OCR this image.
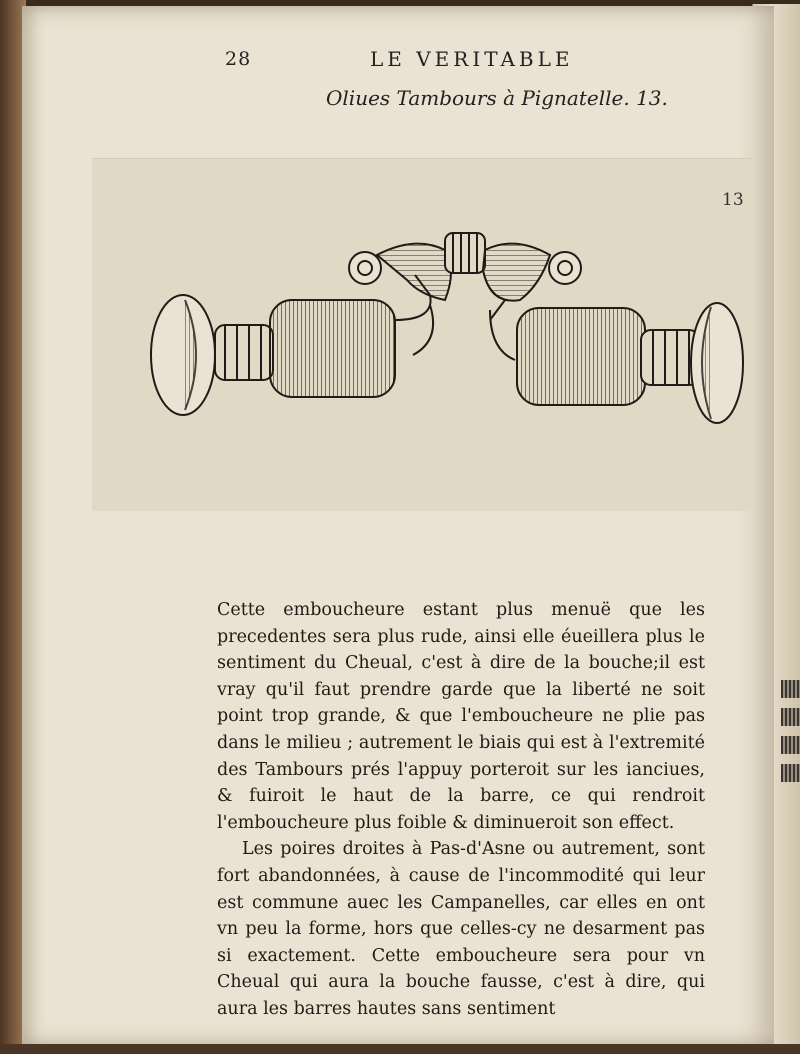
28	LE VERITABLE
Oliues Tambours à Pignatelle. 13.
13

Cette emboucheure estant plus menuë que les precedentes sera plus rude, ainsi elle éueillera plus le sentiment du Cheual, c'est à dire de la bouche;il est vray qu'il faut prendre garde que la liberté ne soit point trop grande, & que l'emboucheure ne plie pas dans le milieu ; autrement le biais qui est à l'extremité des Tambours prés l'appuy porteroit sur les ianciues, & fuiroit le haut de la barre, ce qui rendroit l'emboucheure plus foible & diminueroit son effect.

Les poires droites à Pas-d'Asne ou autrement, sont fort abandonnées, à cause de l'incommodité qui leur est commune auec les Campanelles, car elles en ont vn peu la forme, hors que celles-cy ne desarment pas si exactement. Cette emboucheure sera pour vn Cheual qui aura la bouche fausse, c'est à dire, qui aura les barres hautes sans sentiment
